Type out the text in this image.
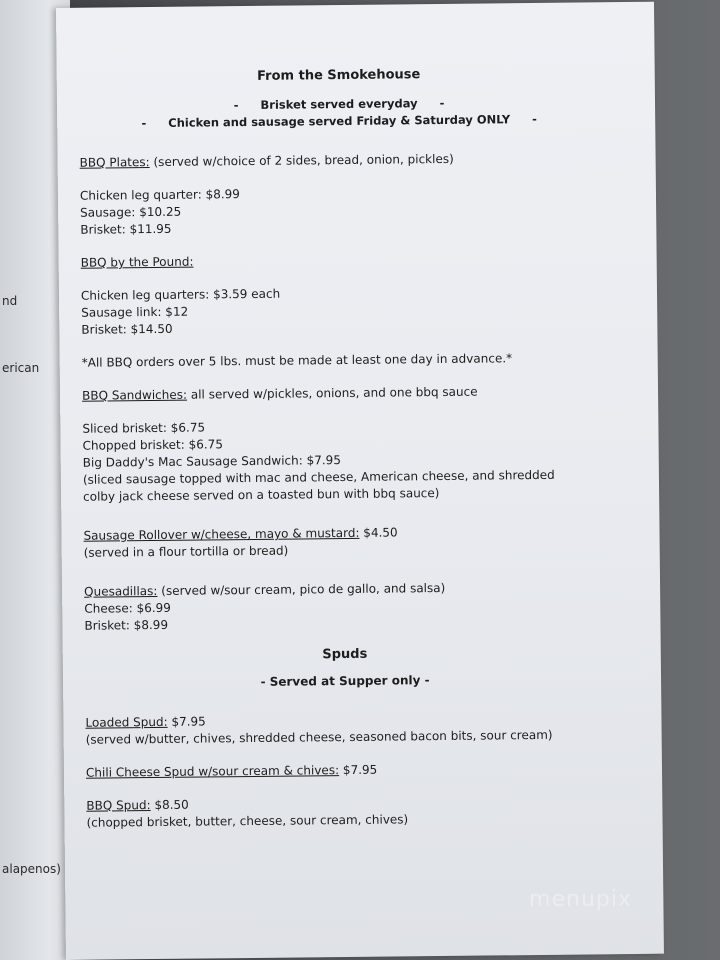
nd
erican
alapenos)
From the Smokehouse
- Brisket served everyday -
- Chicken and sausage served Friday & Saturday ONLY -
BBQ Plates: (served w/choice of 2 sides, bread, onion, pickles)
Chicken leg quarter: $8.99
Sausage: $10.25
Brisket: $11.95
BBQ by the Pound:
Chicken leg quarters: $3.59 each
Sausage link: $12
Brisket: $14.50
*All BBQ orders over 5 lbs. must be made at least one day in advance.*
BBQ Sandwiches: all served w/pickles, onions, and one bbq sauce
Sliced brisket: $6.75
Chopped brisket: $6.75
Big Daddy's Mac Sausage Sandwich: $7.95
(sliced sausage topped with mac and cheese, American cheese, and shredded
colby jack cheese served on a toasted bun with bbq sauce)
Sausage Rollover w/cheese, mayo & mustard: $4.50
(served in a flour tortilla or bread)
Quesadillas: (served w/sour cream, pico de gallo, and salsa)
Cheese: $6.99
Brisket: $8.99
Spuds
- Served at Supper only -
Loaded Spud: $7.95
(served w/butter, chives, shredded cheese, seasoned bacon bits, sour cream)
Chili Cheese Spud w/sour cream & chives: $7.95
BBQ Spud: $8.50
(chopped brisket, butter, cheese, sour cream, chives)
menupix
